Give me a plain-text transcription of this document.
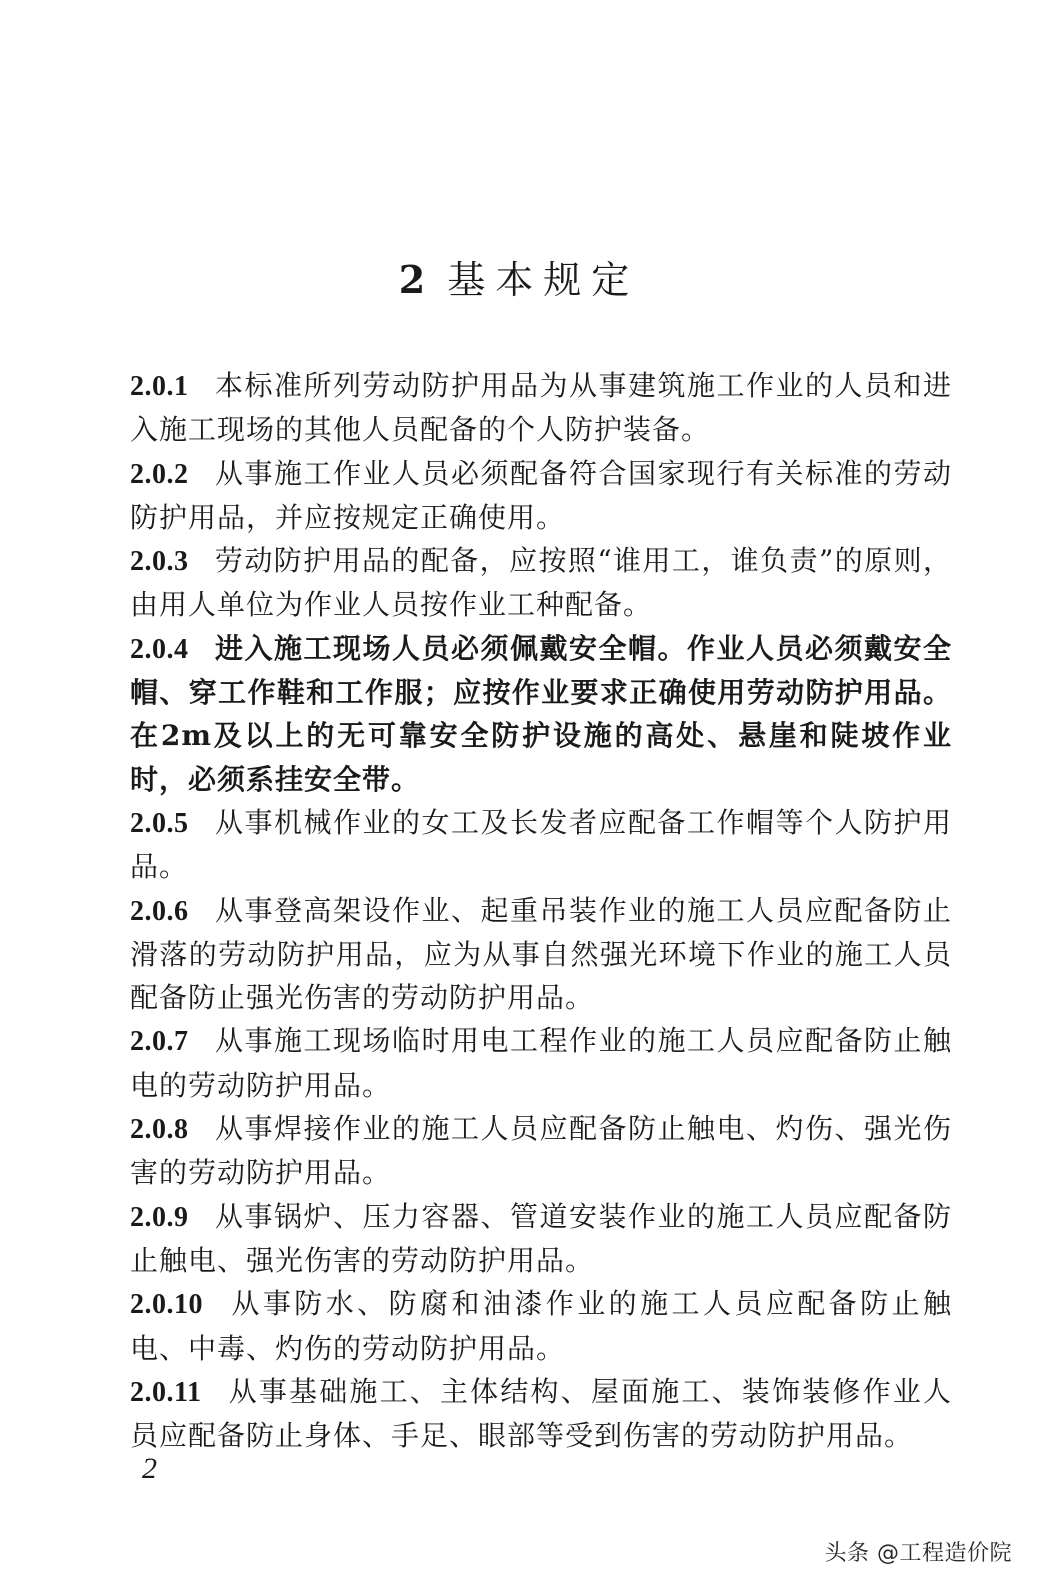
2 基本规定

2.0.1 本标准所列劳动防护用品为从事建筑施工作业的人员和进入施工现场的其他人员配备的个人防护装备。

2.0.2 从事施工作业人员必须配备符合国家现行有关标准的劳动防护用品，并应按规定正确使用。

2.0.3 劳动防护用品的配备，应按照“谁用工，谁负责”的原则，由用人单位为作业人员按作业工种配备。

2.0.4 进入施工现场人员必须佩戴安全帽。作业人员必须戴安全帽、穿工作鞋和工作服；应按作业要求正确使用劳动防护用品。在2m及以上的无可靠安全防护设施的高处、悬崖和陡坡作业时，必须系挂安全带。

2.0.5 从事机械作业的女工及长发者应配备工作帽等个人防护用品。

2.0.6 从事登高架设作业、起重吊装作业的施工人员应配备防止滑落的劳动防护用品，应为从事自然强光环境下作业的施工人员配备防止强光伤害的劳动防护用品。

2.0.7 从事施工现场临时用电工程作业的施工人员应配备防止触电的劳动防护用品。

2.0.8 从事焊接作业的施工人员应配备防止触电、灼伤、强光伤害的劳动防护用品。

2.0.9 从事锅炉、压力容器、管道安装作业的施工人员应配备防止触电、强光伤害的劳动防护用品。

2.0.10 从事防水、防腐和油漆作业的施工人员应配备防止触电、中毒、灼伤的劳动防护用品。

2.0.11 从事基础施工、主体结构、屋面施工、装饰装修作业人员应配备防止身体、手足、眼部等受到伤害的劳动防护用品。

2
头条 @工程造价院
